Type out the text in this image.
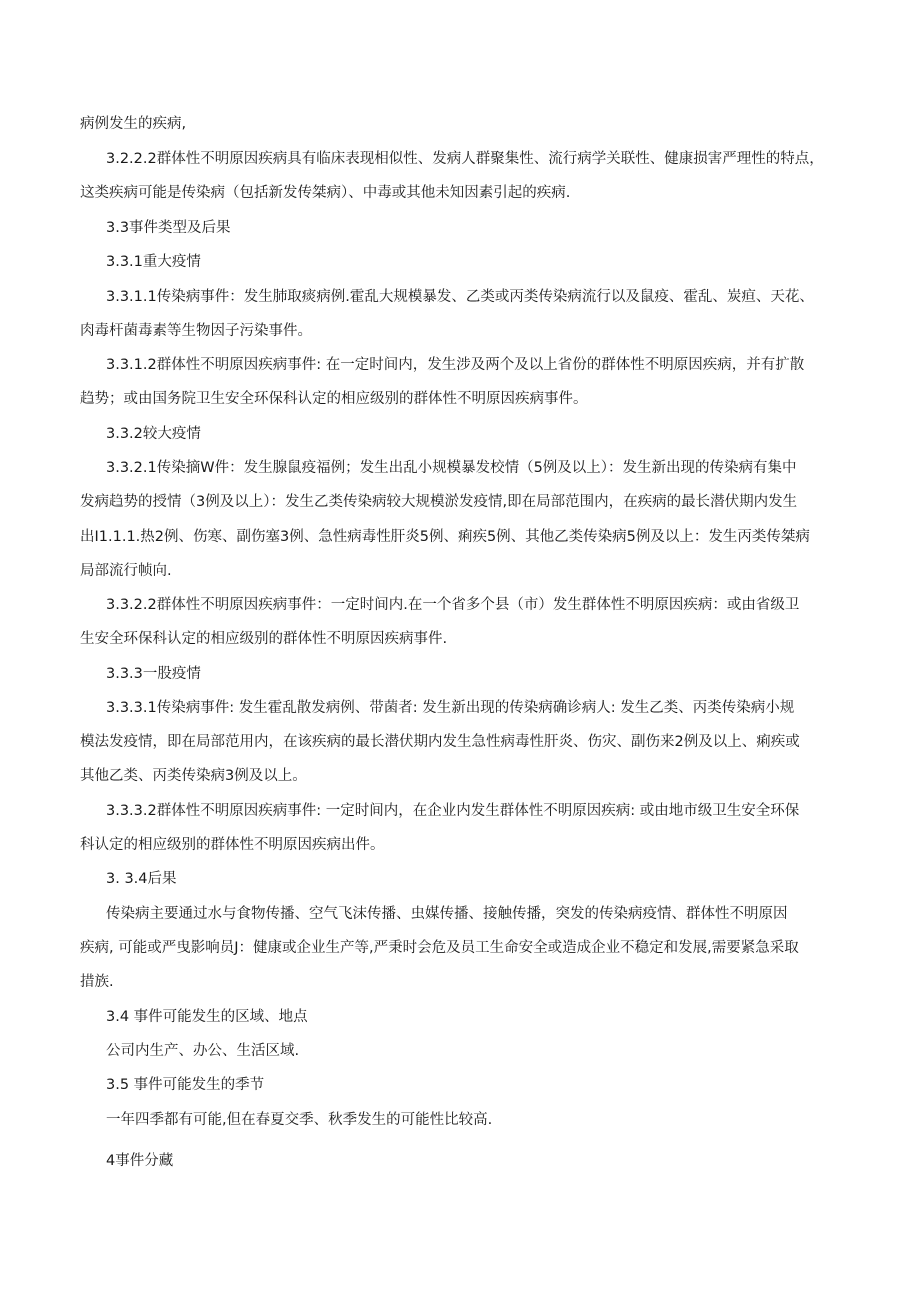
病例发生的疾病,

3.2.2.2群体性不明原因疾病具有临床表现相似性、发病人群聚集性、流行病学关联性、健康损害严理性的特点，

这类疾病可能是传染病（包括新发传桀病）、中毒或其他未知因素引起的疾病.

3.3事件类型及后果

3.3.1重大疫情

3.3.1.1传染病事件：发生肺取痰病例.霍乱大规模暴发、乙类或丙类传染病流行以及鼠疫、霍乱、炭疸、天花、

肉毒杆菌毒素等生物因子污染事件。

3.3.1.2群体性不明原因疾病事件: 在一定时间内，发生涉及两个及以上省份的群体性不明原因疾病，并有扩散

趋势；或由国务院卫生安全环保科认定的相应级别的群体性不明原因疾病事件。

3.3.2较大疫情

3.3.2.1传染摘W件：发生腺鼠疫福例；发生出乱小规模暴发校情（5例及以上）：发生新出现的传染病有集中

发病趋势的授情（3例及以上）：发生乙类传染病较大规模淤发疫情,即在局部范围内，在疾病的最长潜伏期内发生

出I1.1.1.热2例、伤寒、副伤塞3例、急性病毒性肝炎5例、痢疾5例、其他乙类传染病5例及以上：发生丙类传桀病

局部流行帧向.

3.3.2.2群体性不明原因疾病事件：一定时间内.在一个省多个县（市）发生群体性不明原因疾病：或由省级卫

生安全环保科认定的相应级别的群体性不明原因疾病事件.

3.3.3一股疫情

3.3.3.1传染病事件: 发生霍乱散发病例、带菌者: 发生新出现的传染病确诊病人: 发生乙类、丙类传染病小规

模法发疫情，即在局部范用内，在该疾病的最长潜伏期内发生急性病毒性肝炎、伤灾、副伤来2例及以上、痢疾或

其他乙类、丙类传染病3例及以上。

3.3.3.2群体性不明原因疾病事件: 一定时间内，在企业内发生群体性不明原因疾病: 或由地市级卫生安全环保

科认定的相应级别的群体性不明原因疾病出件。

3. 3.4后果

传染病主要通过水与食物传播、空气飞沫传播、虫媒传播、接触传播，突发的传染病疫情、群体性不明原因

疾病, 可能或严曳影响员J：健康或企业生产等,严秉时会危及员工生命安全或造成企业不稳定和发展,需要紧急采取

措族.

3.4 事件可能发生的区域、地点

公司内生产、办公、生活区域.

3.5 事件可能发生的季节

一年四季都有可能,但在春夏交季、秋季发生的可能性比较高.

4事件分藏
